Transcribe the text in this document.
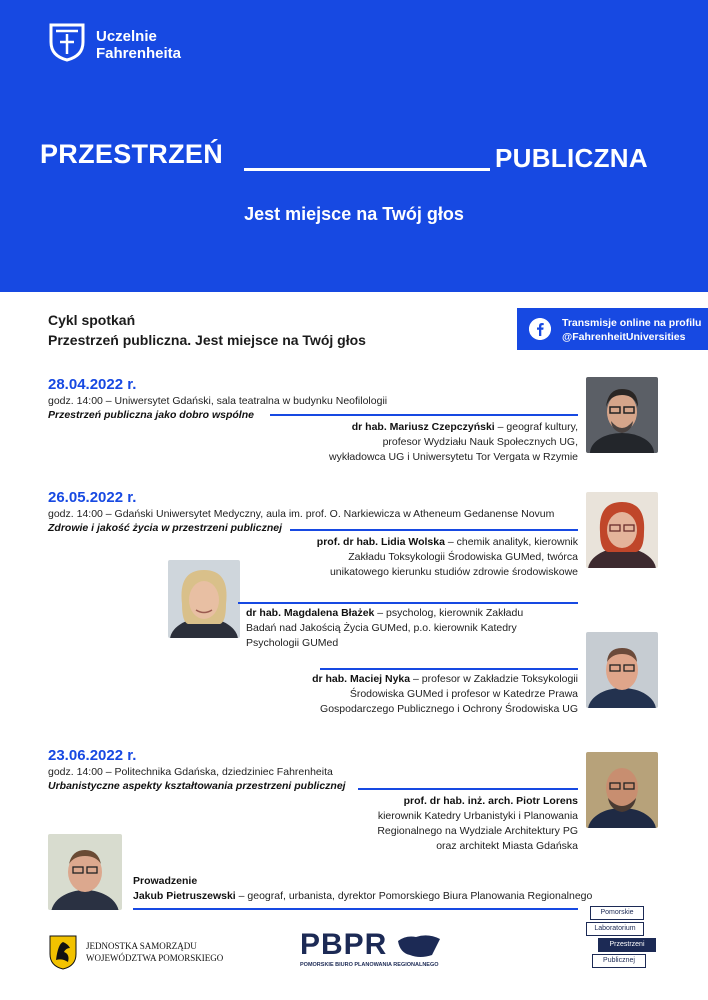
Uczelnie
Fahrenheita
PRZESTRZEŃ	PUBLICZNA
Jest miejsce na Twój głos
Cykl spotkań
Przestrzeń publiczna. Jest miejsce na Twój głos
Transmisje online na profilu
@FahrenheitUniversities
28.04.2022 r.
godz. 14:00 – Uniwersytet Gdański, sala teatralna w budynku Neofilologii
Przestrzeń publiczna jako dobro wspólne
dr hab. Mariusz Czepczyński – geograf kultury,
profesor Wydziału Nauk Społecznych UG,
wykładowca UG i Uniwersytetu Tor Vergata w Rzymie
26.05.2022 r.
godz. 14:00 – Gdański Uniwersytet Medyczny, aula im. prof. O. Narkiewicza w Atheneum Gedanense Novum
Zdrowie i jakość życia w przestrzeni publicznej
prof. dr hab. Lidia Wolska – chemik analityk, kierownik
Zakładu Toksykologii Środowiska GUMed, twórca
unikatowego kierunku studiów zdrowie środowiskowe
dr hab. Magdalena Błażek – psycholog, kierownik Zakładu
Badań nad Jakością Życia GUMed, p.o. kierownik Katedry
Psychologii GUMed
dr hab. Maciej Nyka – profesor w Zakładzie Toksykologii
Środowiska GUMed i profesor w Katedrze Prawa
Gospodarczego Publicznego i Ochrony Środowiska UG
23.06.2022 r.
godz. 14:00 – Politechnika Gdańska, dziedziniec Fahrenheita
Urbanistyczne aspekty kształtowania przestrzeni publicznej
prof. dr hab. inż. arch. Piotr Lorens
kierownik Katedry Urbanistyki i Planowania
Regionalnego na Wydziale Architektury PG
oraz architekt Miasta Gdańska
Prowadzenie
Jakub Pietruszewski – geograf, urbanista, dyrektor Pomorskiego Biura Planowania Regionalnego
JEDNOSTKA SAMORZĄDU
WOJEWÓDZTWA POMORSKIEGO	PBPR
POMORSKIE BIURO PLANOWANIA REGIONALNEGO
Pomorskie
Laboratorium
Przestrzeni
Publicznej
